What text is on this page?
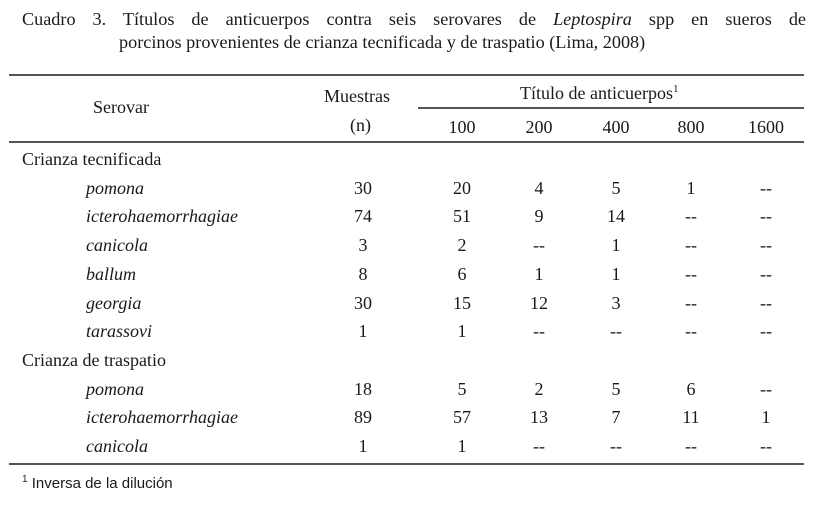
Cuadro 3. Títulos de anticuerpos contra seis serovares de Leptospira spp en sueros de
porcinos provenientes de crianza tecnificada y de traspatio (Lima, 2008)
Serovar
Muestras
(n)
Título de anticuerpos$^1$
100	200	400	800 1600
Crianza tecnificada
pomona	30	20	4	5	1	--
icterohaemorrhagiae	74	51	9	14	--	--
canicola	3	2	--	1	--	--
ballum	8	6	1	1	--	--
georgia	30	15	12	3	--	--
tarassovi	1	1	--	--	--	--
Crianza de traspatio
pomona	18	5	2	5	6	--
icterohaemorrhagiae	89	57	13	7	11	1
canicola	1	1	--	--	--	--
$^1$ Inversa de la dilución
